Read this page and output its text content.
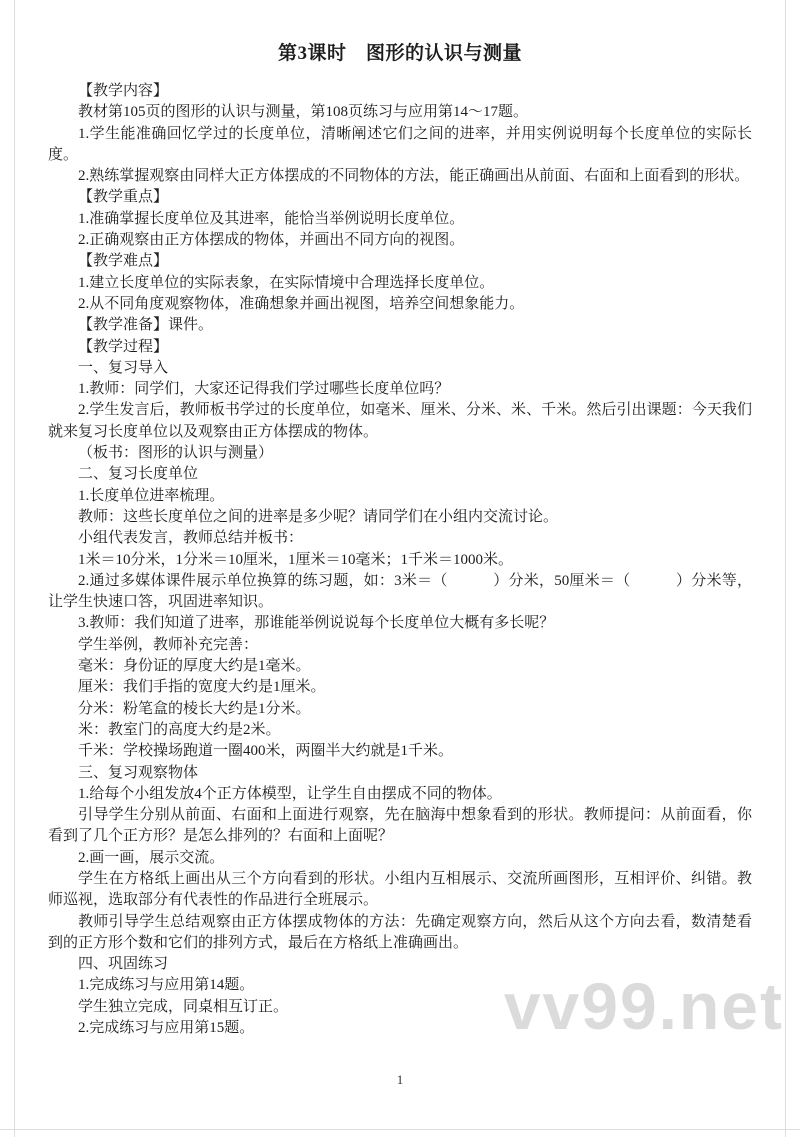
vv99.net
第3课时　图形的认识与测量

【教学内容】

教材第105页的图形的认识与测量，第108页练习与应用第14～17题。

1.学生能准确回忆学过的长度单位，清晰阐述它们之间的进率，并用实例说明每个长度单位的实际长度。

2.熟练掌握观察由同样大正方体摆成的不同物体的方法，能正确画出从前面、右面和上面看到的形状。

【教学重点】

1.准确掌握长度单位及其进率，能恰当举例说明长度单位。

2.正确观察由正方体摆成的物体，并画出不同方向的视图。

【教学难点】

1.建立长度单位的实际表象，在实际情境中合理选择长度单位。

2.从不同角度观察物体，准确想象并画出视图，培养空间想象能力。

【教学准备】课件。

【教学过程】

一、复习导入

1.教师：同学们，大家还记得我们学过哪些长度单位吗？

2.学生发言后，教师板书学过的长度单位，如毫米、厘米、分米、米、千米。然后引出课题：今天我们就来复习长度单位以及观察由正方体摆成的物体。

（板书：图形的认识与测量）

二、复习长度单位

1.长度单位进率梳理。

教师：这些长度单位之间的进率是多少呢？请同学们在小组内交流讨论。

小组代表发言，教师总结并板书：

1米＝10分米，1分米＝10厘米，1厘米＝10毫米；1千米＝1000米。

2.通过多媒体课件展示单位换算的练习题，如：3米＝（　　　）分米，50厘米＝（　　　）分米等，让学生快速口答，巩固进率知识。

3.教师：我们知道了进率，那谁能举例说说每个长度单位大概有多长呢？

学生举例，教师补充完善：

毫米：身份证的厚度大约是1毫米。

厘米：我们手指的宽度大约是1厘米。

分米：粉笔盒的棱长大约是1分米。

米：教室门的高度大约是2米。

千米：学校操场跑道一圈400米，两圈半大约就是1千米。

三、复习观察物体

1.给每个小组发放4个正方体模型，让学生自由摆成不同的物体。

引导学生分别从前面、右面和上面进行观察，先在脑海中想象看到的形状。教师提问：从前面看，你看到了几个正方形？是怎么排列的？右面和上面呢？

2.画一画，展示交流。

学生在方格纸上画出从三个方向看到的形状。小组内互相展示、交流所画图形，互相评价、纠错。教师巡视，选取部分有代表性的作品进行全班展示。

教师引导学生总结观察由正方体摆成物体的方法：先确定观察方向，然后从这个方向去看，数清楚看到的正方形个数和它们的排列方式，最后在方格纸上准确画出。

四、巩固练习

1.完成练习与应用第14题。

学生独立完成，同桌相互订正。

2.完成练习与应用第15题。

1
